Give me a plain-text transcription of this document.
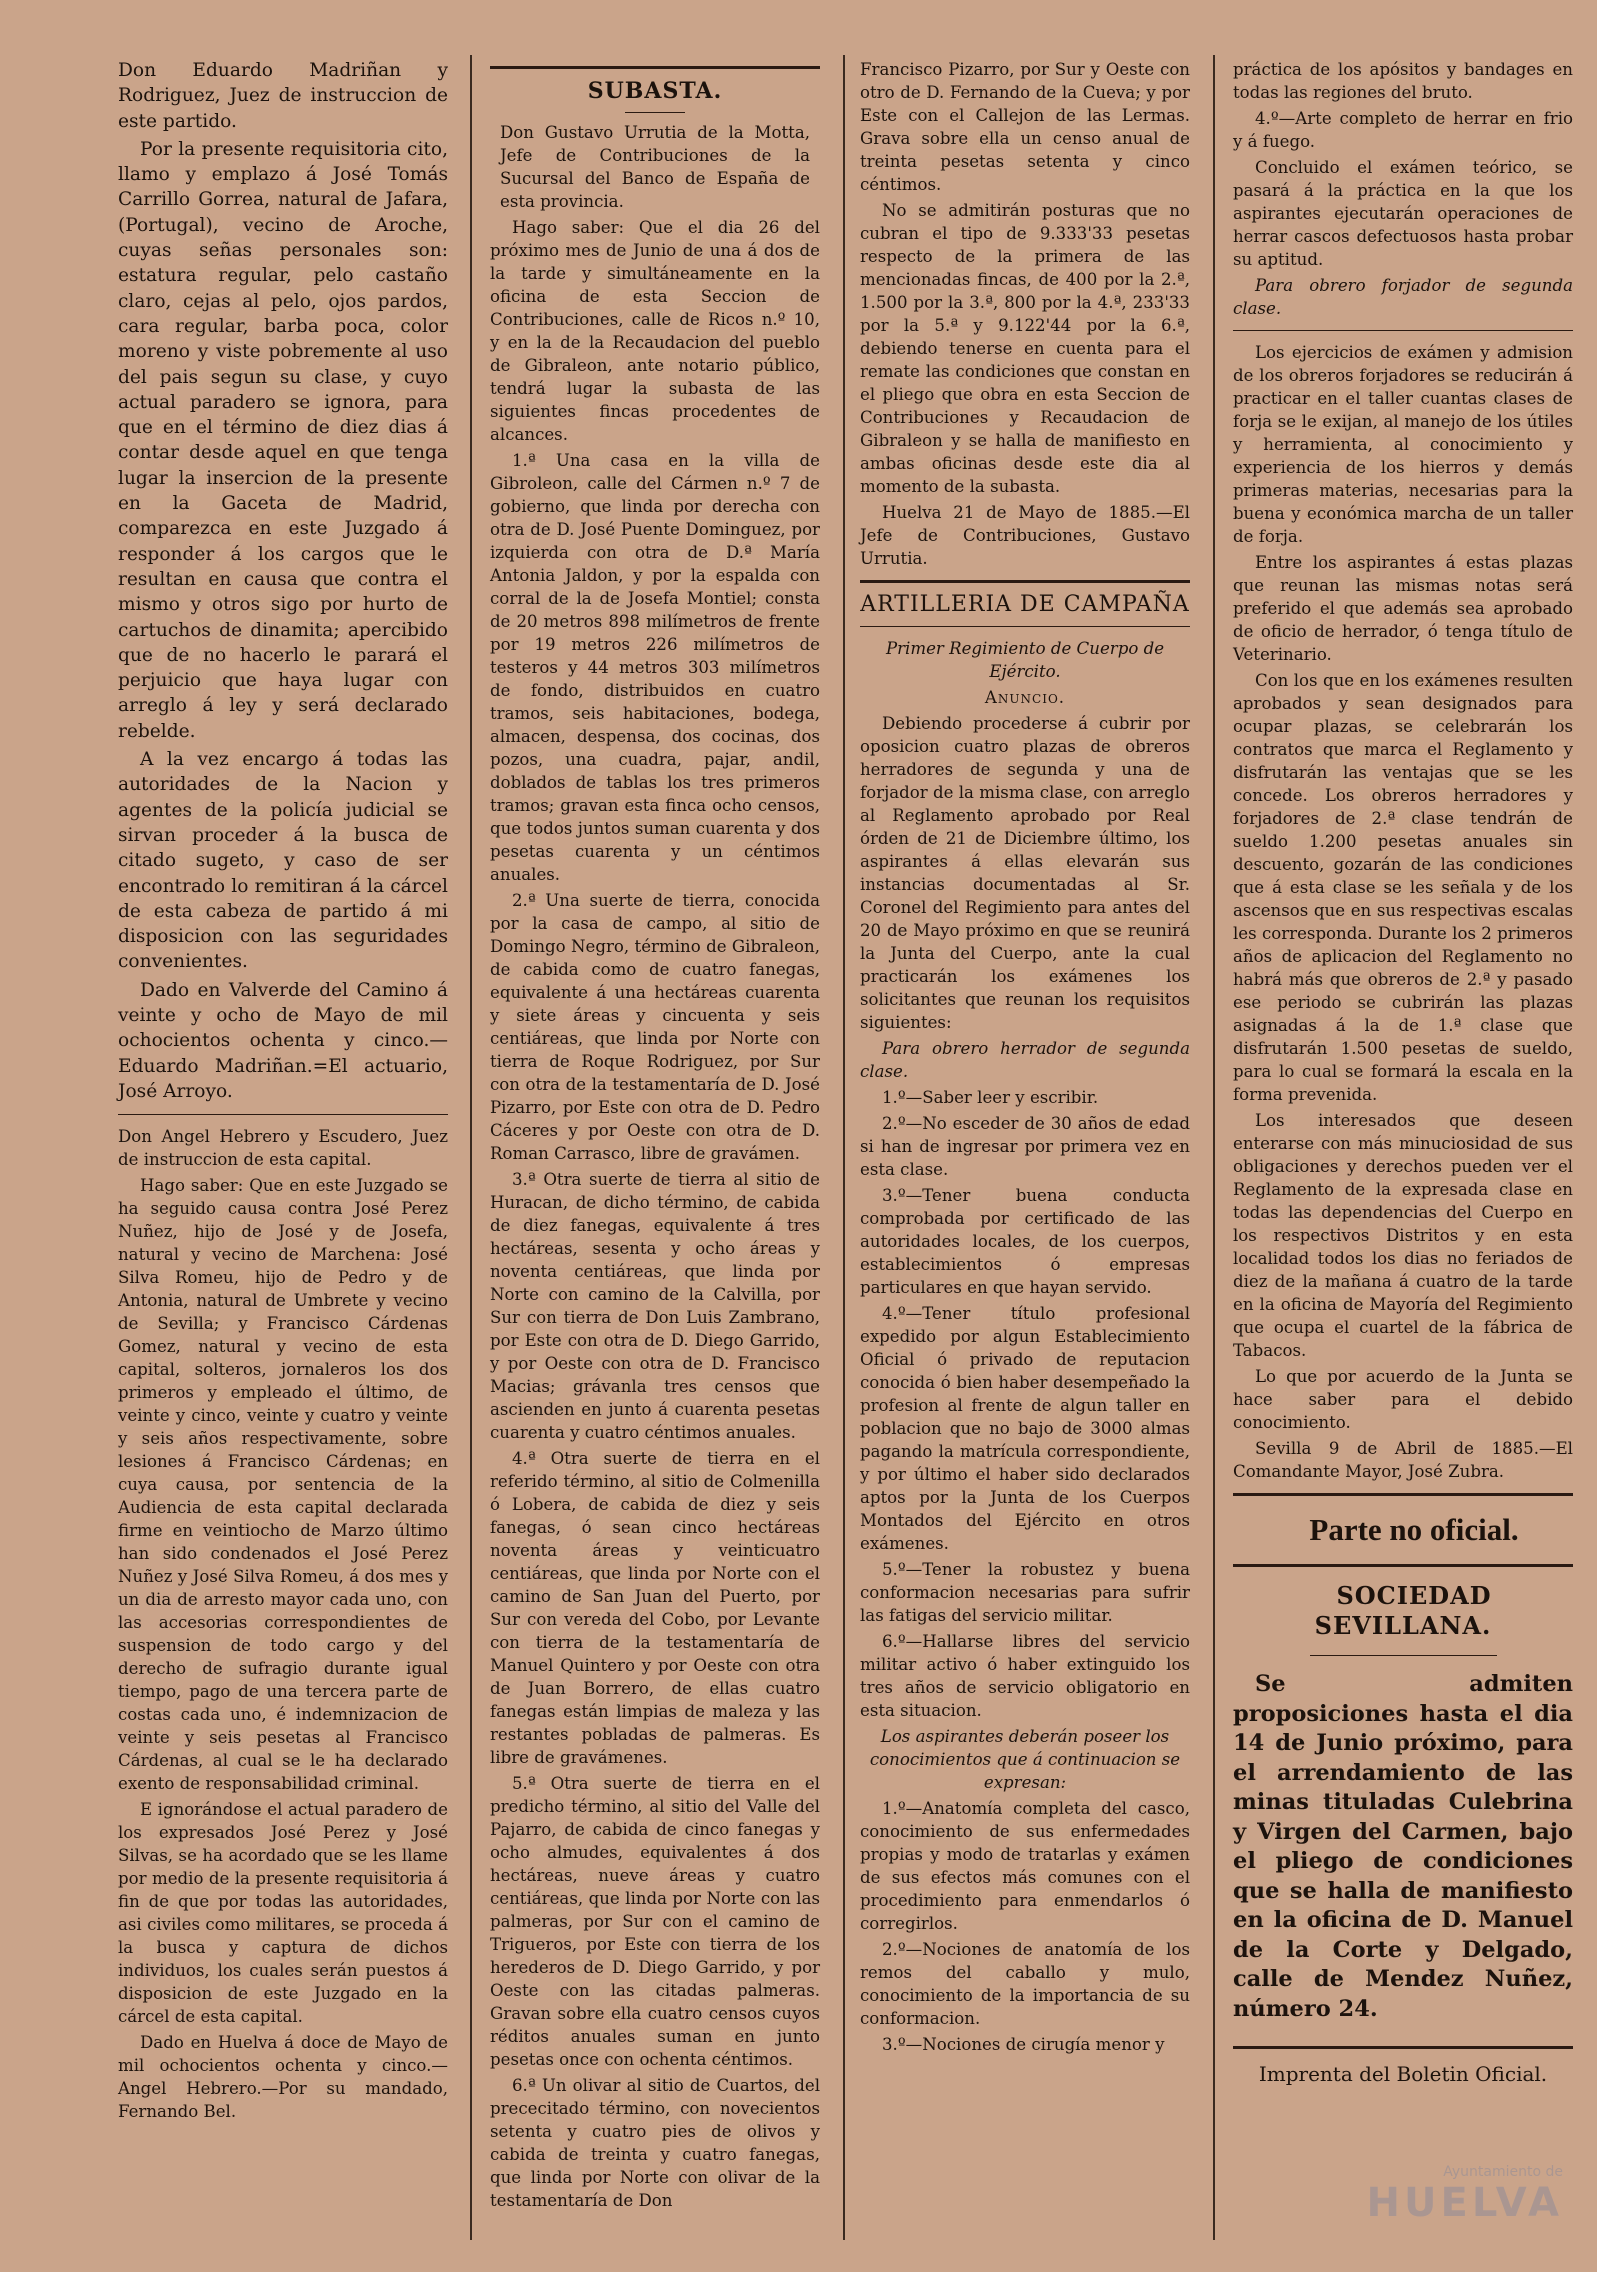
Don Eduardo Madriñan y Rodriguez, Juez de instruccion de este partido.

Por la presente requisitoria cito, llamo y emplazo á José Tomás Carrillo Gorrea, natural de Jafara, (Portugal), vecino de Aroche, cuyas señas personales son: estatura regular, pelo castaño claro, cejas al pelo, ojos pardos, cara regular, barba poca, color moreno y viste pobremente al uso del pais segun su clase, y cuyo actual paradero se ignora, para que en el término de diez dias á contar desde aquel en que tenga lugar la insercion de la presente en la Gaceta de Madrid, comparezca en este Juzgado á responder á los cargos que le resultan en causa que contra el mismo y otros sigo por hurto de cartuchos de dinamita; apercibido que de no hacerlo le parará el perjuicio que haya lugar con arreglo á ley y será declarado rebelde.

A la vez encargo á todas las autoridades de la Nacion y agentes de la policía judicial se sirvan proceder á la busca de citado sugeto, y caso de ser encontrado lo remitiran á la cárcel de esta cabeza de partido á mi disposicion con las seguridades convenientes.

Dado en Valverde del Camino á veinte y ocho de Mayo de mil ochocientos ochenta y cinco.—Eduardo Madriñan.=El actuario, José Arroyo.

Don Angel Hebrero y Escudero, Juez de instruccion de esta capital.

Hago saber: Que en este Juzgado se ha seguido causa contra José Perez Nuñez, hijo de José y de Josefa, natural y vecino de Marchena: José Silva Romeu, hijo de Pedro y de Antonia, natural de Umbrete y vecino de Sevilla; y Francisco Cárdenas Gomez, natural y vecino de esta capital, solteros, jornaleros los dos primeros y empleado el último, de veinte y cinco, veinte y cuatro y veinte y seis años respectivamente, sobre lesiones á Francisco Cárdenas; en cuya causa, por sentencia de la Audiencia de esta capital declarada firme en veintiocho de Marzo último han sido condenados el José Perez Nuñez y José Silva Romeu, á dos mes y un dia de arresto mayor cada uno, con las accesorias correspondientes de suspension de todo cargo y del derecho de sufragio durante igual tiempo, pago de una tercera parte de costas cada uno, é indemnizacion de veinte y seis pesetas al Francisco Cárdenas, al cual se le ha declarado exento de responsabilidad criminal.

E ignorándose el actual paradero de los expresados José Perez y José Silvas, se ha acordado que se les llame por medio de la presente requisitoria á fin de que por todas las autoridades, asi civiles como militares, se proceda á la busca y captura de dichos individuos, los cuales serán puestos á disposicion de este Juzgado en la cárcel de esta capital.

Dado en Huelva á doce de Mayo de mil ochocientos ochenta y cinco.—Angel Hebrero.—Por su mandado, Fernando Bel.

SUBASTA.

Don Gustavo Urrutia de la Motta, Jefe de Contribuciones de la Sucursal del Banco de España de esta provincia.

Hago saber: Que el dia 26 del próximo mes de Junio de una á dos de la tarde y simultáneamente en la oficina de esta Seccion de Contribuciones, calle de Ricos n.º 10, y en la de la Recaudacion del pueblo de Gibraleon, ante notario público, tendrá lugar la subasta de las siguientes fincas procedentes de alcances.

1.ª Una casa en la villa de Gibroleon, calle del Cármen n.º 7 de gobierno, que linda por derecha con otra de D. José Puente Dominguez, por izquierda con otra de D.ª María Antonia Jaldon, y por la espalda con corral de la de Josefa Montiel; consta de 20 metros 898 milímetros de frente por 19 metros 226 milímetros de testeros y 44 metros 303 milímetros de fondo, distribuidos en cuatro tramos, seis habitaciones, bodega, almacen, despensa, dos cocinas, dos pozos, una cuadra, pajar, andil, doblados de tablas los tres primeros tramos; gravan esta finca ocho censos, que todos juntos suman cuarenta y dos pesetas cuarenta y un céntimos anuales.

2.ª Una suerte de tierra, conocida por la casa de campo, al sitio de Domingo Negro, término de Gibraleon, de cabida como de cuatro fanegas, equivalente á una hectáreas cuarenta y siete áreas y cincuenta y seis centiáreas, que linda por Norte con tierra de Roque Rodriguez, por Sur con otra de la testamentaría de D. José Pizarro, por Este con otra de D. Pedro Cáceres y por Oeste con otra de D. Roman Carrasco, libre de gravámen.

3.ª Otra suerte de tierra al sitio de Huracan, de dicho término, de cabida de diez fanegas, equivalente á tres hectáreas, sesenta y ocho áreas y noventa centiáreas, que linda por Norte con camino de la Calvilla, por Sur con tierra de Don Luis Zambrano, por Este con otra de D. Diego Garrido, y por Oeste con otra de D. Francisco Macias; grávanla tres censos que ascienden en junto á cuarenta pesetas cuarenta y cuatro céntimos anuales.

4.ª Otra suerte de tierra en el referido término, al sitio de Colmenilla ó Lobera, de cabida de diez y seis fanegas, ó sean cinco hectáreas noventa áreas y veinticuatro centiáreas, que linda por Norte con el camino de San Juan del Puerto, por Sur con vereda del Cobo, por Levante con tierra de la testamentaría de Manuel Quintero y por Oeste con otra de Juan Borrero, de ellas cuatro fanegas están limpias de maleza y las restantes pobladas de palmeras. Es libre de gravámenes.

5.ª Otra suerte de tierra en el predicho término, al sitio del Valle del Pajarro, de cabida de cinco fanegas y ocho almudes, equivalentes á dos hectáreas, nueve áreas y cuatro centiáreas, que linda por Norte con las palmeras, por Sur con el camino de Trigueros, por Este con tierra de los herederos de D. Diego Garrido, y por Oeste con las citadas palmeras. Gravan sobre ella cuatro censos cuyos réditos anuales suman en junto pesetas once con ochenta céntimos.

6.ª Un olivar al sitio de Cuartos, del prececitado término, con novecientos setenta y cuatro pies de olivos y cabida de treinta y cuatro fanegas, que linda por Norte con olivar de la testamentaría de Don

Francisco Pizarro, por Sur y Oeste con otro de D. Fernando de la Cueva; y por Este con el Callejon de las Lermas. Grava sobre ella un censo anual de treinta pesetas setenta y cinco céntimos.

No se admitirán posturas que no cubran el tipo de 9.333'33 pesetas respecto de la primera de las mencionadas fincas, de 400 por la 2.ª, 1.500 por la 3.ª, 800 por la 4.ª, 233'33 por la 5.ª y 9.122'44 por la 6.ª, debiendo tenerse en cuenta para el remate las condiciones que constan en el pliego que obra en esta Seccion de Contribuciones y Recaudacion de Gibraleon y se halla de manifiesto en ambas oficinas desde este dia al momento de la subasta.

Huelva 21 de Mayo de 1885.—El Jefe de Contribuciones, Gustavo Urrutia.

ARTILLERIA DE CAMPAÑA

Primer Regimiento de Cuerpo de Ejército.

Anuncio.

Debiendo procederse á cubrir por oposicion cuatro plazas de obreros herradores de segunda y una de forjador de la misma clase, con arreglo al Reglamento aprobado por Real órden de 21 de Diciembre último, los aspirantes á ellas elevarán sus instancias documentadas al Sr. Coronel del Regimiento para antes del 20 de Mayo próximo en que se reunirá la Junta del Cuerpo, ante la cual practicarán los exámenes los solicitantes que reunan los requisitos siguientes:

Para obrero herrador de segunda clase.

1.º—Saber leer y escribir.

2.º—No esceder de 30 años de edad si han de ingresar por primera vez en esta clase.

3.º—Tener buena conducta comprobada por certificado de las autoridades locales, de los cuerpos, establecimientos ó empresas particulares en que hayan servido.

4.º—Tener título profesional expedido por algun Establecimiento Oficial ó privado de reputacion conocida ó bien haber desempeñado la profesion al frente de algun taller en poblacion que no bajo de 3000 almas pagando la matrícula correspondiente, y por último el haber sido declarados aptos por la Junta de los Cuerpos Montados del Ejército en otros exámenes.

5.º—Tener la robustez y buena conformacion necesarias para sufrir las fatigas del servicio militar.

6.º—Hallarse libres del servicio militar activo ó haber extinguido los tres años de servicio obligatorio en esta situacion.

Los aspirantes deberán poseer los conocimientos que á continuacion se expresan:

1.º—Anatomía completa del casco, conocimiento de sus enfermedades propias y modo de tratarlas y exámen de sus efectos más comunes con el procedimiento para enmendarlos ó corregirlos.

2.º—Nociones de anatomía de los remos del caballo y mulo, conocimiento de la importancia de su conformacion.

3.º—Nociones de cirugía menor y

práctica de los apósitos y bandages en todas las regiones del bruto.

4.º—Arte completo de herrar en frio y á fuego.

Concluido el exámen teórico, se pasará á la práctica en la que los aspirantes ejecutarán operaciones de herrar cascos defectuosos hasta probar su aptitud.

Para obrero forjador de segunda clase.

Los ejercicios de exámen y admision de los obreros forjadores se reducirán á practicar en el taller cuantas clases de forja se le exijan, al manejo de los útiles y herramienta, al conocimiento y experiencia de los hierros y demás primeras materias, necesarias para la buena y económica marcha de un taller de forja.

Entre los aspirantes á estas plazas que reunan las mismas notas será preferido el que además sea aprobado de oficio de herrador, ó tenga título de Veterinario.

Con los que en los exámenes resulten aprobados y sean designados para ocupar plazas, se celebrarán los contratos que marca el Reglamento y disfrutarán las ventajas que se les concede. Los obreros herradores y forjadores de 2.ª clase tendrán de sueldo 1.200 pesetas anuales sin descuento, gozarán de las condiciones que á esta clase se les señala y de los ascensos que en sus respectivas escalas les corresponda. Durante los 2 primeros años de aplicacion del Reglamento no habrá más que obreros de 2.ª y pasado ese periodo se cubrirán las plazas asignadas á la de 1.ª clase que disfrutarán 1.500 pesetas de sueldo, para lo cual se formará la escala en la forma prevenida.

Los interesados que deseen enterarse con más minuciosidad de sus obligaciones y derechos pueden ver el Reglamento de la expresada clase en todas las dependencias del Cuerpo en los respectivos Distritos y en esta localidad todos los dias no feriados de diez de la mañana á cuatro de la tarde en la oficina de Mayoría del Regimiento que ocupa el cuartel de la fábrica de Tabacos.

Lo que por acuerdo de la Junta se hace saber para el debido conocimiento.

Sevilla 9 de Abril de 1885.—El Comandante Mayor, José Zubra.

Parte no oficial.

SOCIEDAD SEVILLANA.

Se admiten proposiciones hasta el dia 14 de Junio próximo, para el arrendamiento de las minas tituladas Culebrina y Virgen del Carmen, bajo el pliego de condiciones que se halla de manifiesto en la oficina de D. Manuel de la Corte y Delgado, calle de Mendez Nuñez, número 24.

Imprenta del Boletin Oficial.

Ayuntamiento de
HUELVA
